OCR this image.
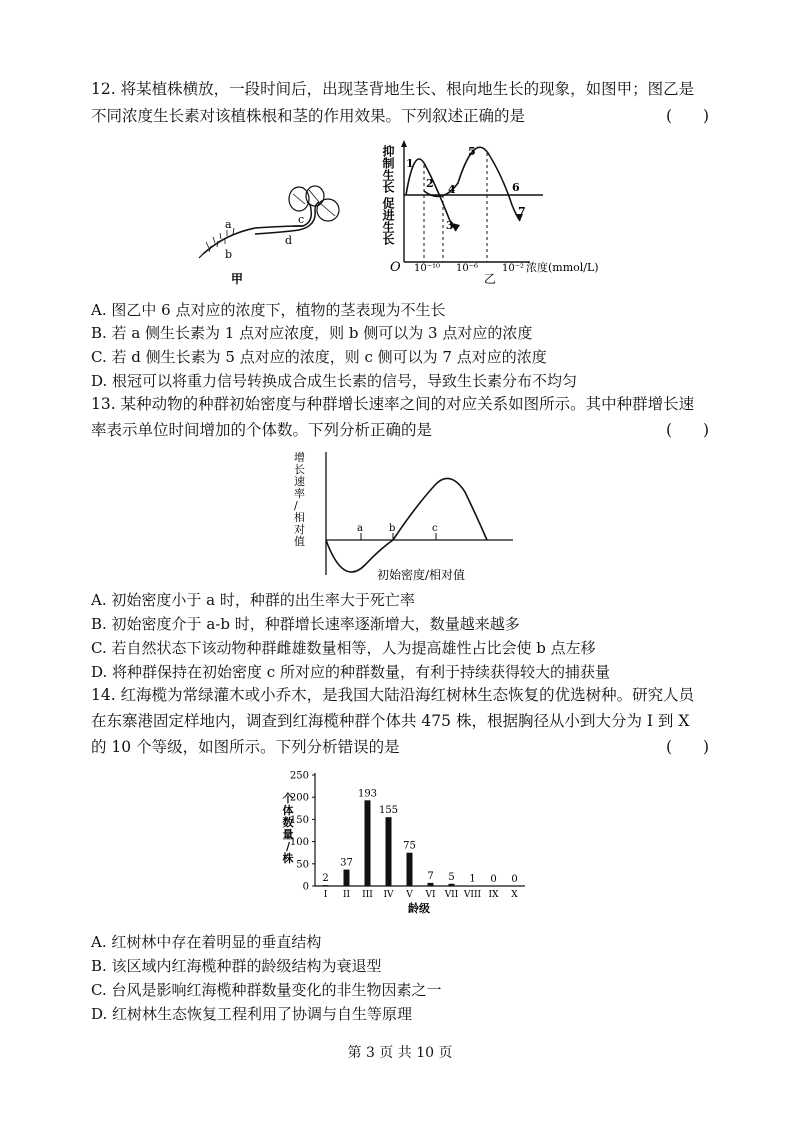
12. 将某植株横放，一段时间后，出现茎背地生长、根向地生长的现象，如图甲；图乙是
不同浓度生长素对该植株根和茎的作用效果。下列叙述正确的是	(　　)
a
b
c
d
甲
抑制生长 促进生长 1
2
3
4
5
6
7
O 10⁻¹⁰ 10⁻⁶ 10⁻² 浓度(mmol/L)
乙
A. 图乙中 6 点对应的浓度下，植物的茎表现为不生长
B. 若 a 侧生长素为 1 点对应浓度，则 b 侧可以为 3 点对应的浓度
C. 若 d 侧生长素为 5 点对应的浓度，则 c 侧可以为 7 点对应的浓度
D. 根冠可以将重力信号转换成合成生长素的信号，导致生长素分布不均匀
13. 某种动物的种群初始密度与种群增长速率之间的对应关系如图所示。其中种群增长速
率表示单位时间增加的个体数。下列分析正确的是	(　　)
增
长
速
率
/
相
对
值
a	b	c
初始密度/相对值
A. 初始密度小于 a 时，种群的出生率大于死亡率
B. 初始密度介于 a-b 时，种群增长速率逐渐增大，数量越来越多
C. 若自然状态下该动物种群雌雄数量相等，人为提高雄性占比会使 b 点左移
D. 将种群保持在初始密度 c 所对应的种群数量，有利于持续获得较大的捕获量
14. 红海榄为常绿灌木或小乔木，是我国大陆沿海红树林生态恢复的优选树种。研究人员
在东寨港固定样地内，调查到红海榄种群个体共 475 株，根据胸径从小到大分为 I 到 X
的 10 个等级，如图所示。下列分析错误的是	(　　)
0
50
100
150
200
250
2
I
37
II
193
III
155
IV
75
V
7
VI
5
VII
1
VIII
0
IX
0
X
龄级
个
体
数
量
/
株
A. 红树林中存在着明显的垂直结构
B. 该区域内红海榄种群的龄级结构为衰退型
C. 台风是影响红海榄种群数量变化的非生物因素之一
D. 红树林生态恢复工程利用了协调与自生等原理
第 3 页 共 10 页
